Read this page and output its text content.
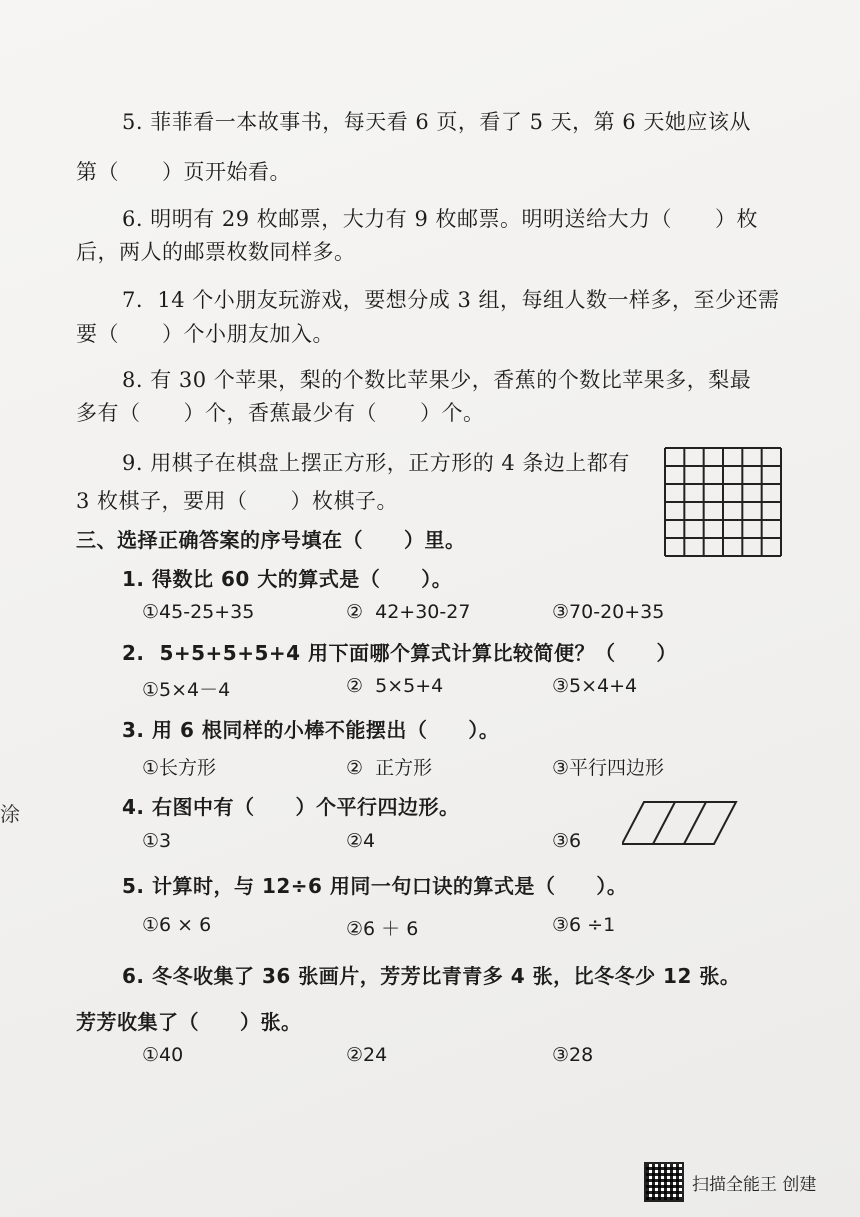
5. 菲菲看一本故事书，每天看 6 页，看了 5 天，第 6 天她应该从
第（　　）页开始看。
6. 明明有 29 枚邮票，大力有 9 枚邮票。明明送给大力（　　）枚
后，两人的邮票枚数同样多。
7.  14 个小朋友玩游戏，要想分成 3 组，每组人数一样多，至少还需
要（　　）个小朋友加入。
8. 有 30 个苹果，梨的个数比苹果少，香蕉的个数比苹果多，梨最
多有（　　）个，香蕉最少有（　　）个。
9. 用棋子在棋盘上摆正方形，正方形的 4 条边上都有
3 枚棋子，要用（　　）枚棋子。
三、选择正确答案的序号填在（　　）里。
1. 得数比 60 大的算式是（　　）。
①45-25+35	②  42+30-27	③70-20+35
2.  5+5+5+5+4 用下面哪个算式计算比较简便？（　　）
①5×4－4	②  5×5+4	③5×4+4
3. 用 6 根同样的小棒不能摆出（　　）。
①长方形	②  正方形	③平行四边形
4. 右图中有（　　）个平行四边形。
①3	②4	③6
5. 计算时，与 12÷6 用同一句口诀的算式是（　　）。
①6 × 6	②6 ＋ 6	③6 ÷1
6. 冬冬收集了 36 张画片，芳芳比青青多 4 张，比冬冬少 12 张。
芳芳收集了（　　）张。
①40	②24	③28
涂
扫描全能王 创建
